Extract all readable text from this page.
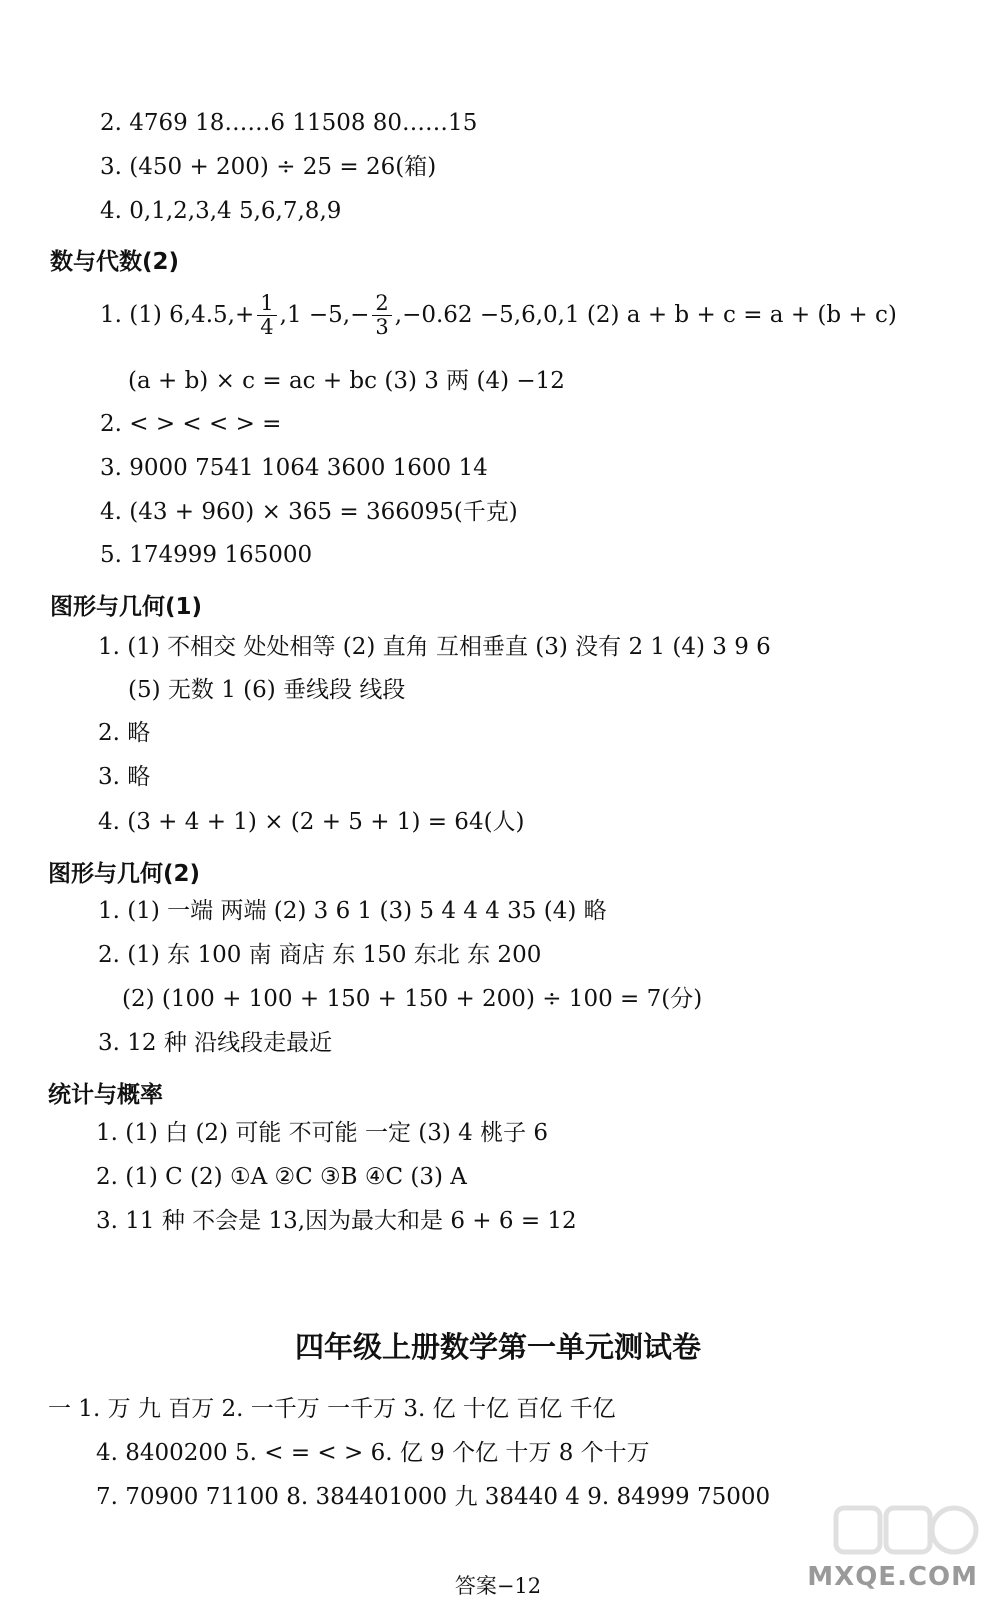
2. 4769 18……6 11508 80……15
3. (450 + 200) ÷ 25 = 26(箱)
4. 0,1,2,3,4 5,6,7,8,9
数与代数(2)
1. (1) $6,4.5,+ \frac{1}{4} ,1 -5,- \frac{2}{3} ,-0.62 -5,6,0,1$ (2) a + b + c = a + (b + c)
(a + b) × c = ac + bc (3) 3 两 (4) −12
2. < > < < > =
3. 9000 7541 1064 3600 1600 14
4. (43 + 960) × 365 = 366095(千克)
5. 174999 165000
图形与几何(1)
1. (1) 不相交 处处相等 (2) 直角 互相垂直 (3) 没有 2 1 (4) 3 9 6
(5) 无数 1 (6) 垂线段 线段
2. 略
3. 略
4. (3 + 4 + 1) × (2 + 5 + 1) = 64(人)
图形与几何(2)
1. (1) 一端 两端 (2) 3 6 1 (3) 5 4 4 4 35 (4) 略
2. (1) 东 100 南 商店 东 150 东北 东 200
(2) (100 + 100 + 150 + 150 + 200) ÷ 100 = 7(分)
3. 12 种 沿线段走最近
统计与概率
1. (1) 白 (2) 可能 不可能 一定 (3) 4 桃子 6
2. (1) C (2) ①A ②C ③B ④C (3) A
3. 11 种 不会是 13,因为最大和是 6 + 6 = 12
四年级上册数学第一单元测试卷
一 1. 万 九 百万 2. 一千万 一千万 3. 亿 十亿 百亿 千亿
4. 8400200 5. < = < > 6. 亿 9 个亿 十万 8 个十万
7. 70900 71100 8. 384401000 九 38440 4 9. 84999 75000
MXQE.COM
答案−12
